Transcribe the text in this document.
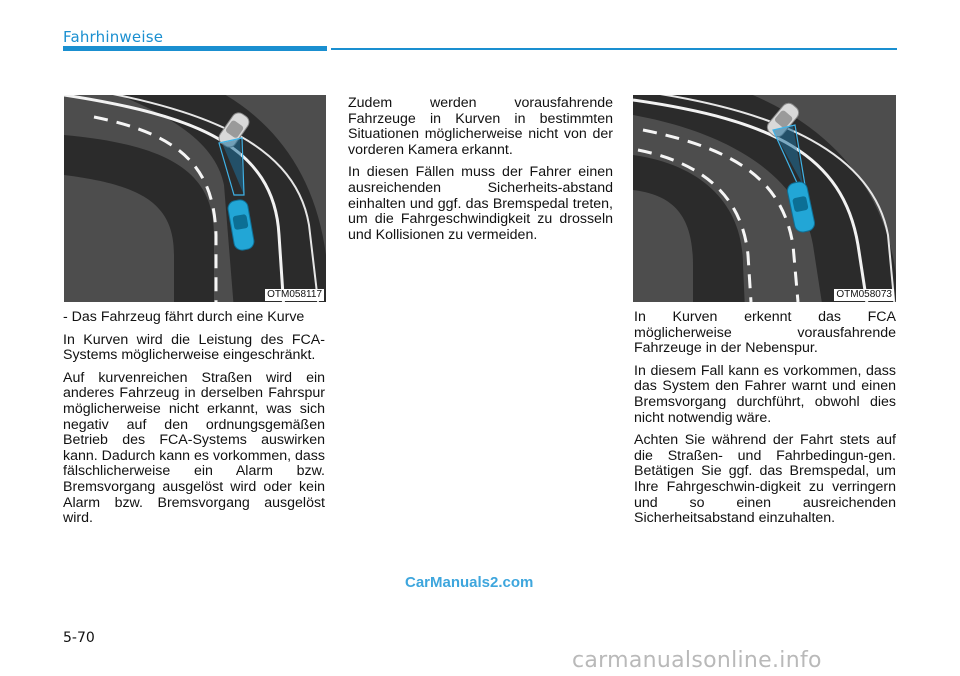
Fahrhinweise
OTM058117	OTM058073

- Das Fahrzeug fährt durch eine Kurve

In Kurven wird die Leistung des FCA-Systems möglicherweise eingeschränkt.

Auf kurvenreichen Straßen wird ein anderes Fahrzeug in derselben Fahrspur möglicherweise nicht erkannt, was sich negativ auf den ordnungsgemäßen Betrieb des FCA-Systems auswirken kann. Dadurch kann es vorkommen, dass fälschlicherweise ein Alarm bzw. Bremsvorgang ausgelöst wird oder kein Alarm bzw. Bremsvorgang ausgelöst wird.

Zudem werden vorausfahrende Fahrzeuge in Kurven in bestimmten Situationen möglicherweise nicht von der vorderen Kamera erkannt.

In diesen Fällen muss der Fahrer einen ausreichenden Sicherheits-abstand einhalten und ggf. das Bremspedal treten, um die Fahrgeschwindigkeit zu drosseln und Kollisionen zu vermeiden.

In Kurven erkennt das FCA möglicherweise vorausfahrende Fahrzeuge in der Nebenspur.

In diesem Fall kann es vorkommen, dass das System den Fahrer warnt und einen Bremsvorgang durchführt, obwohl dies nicht notwendig wäre.

Achten Sie während der Fahrt stets auf die Straßen- und Fahrbedingun-gen. Betätigen Sie ggf. das Bremspedal, um Ihre Fahrgeschwin-digkeit zu verringern und so einen ausreichenden Sicherheitsabstand einzuhalten.

CarManuals2.com
5-70
carmanualsonline.info
